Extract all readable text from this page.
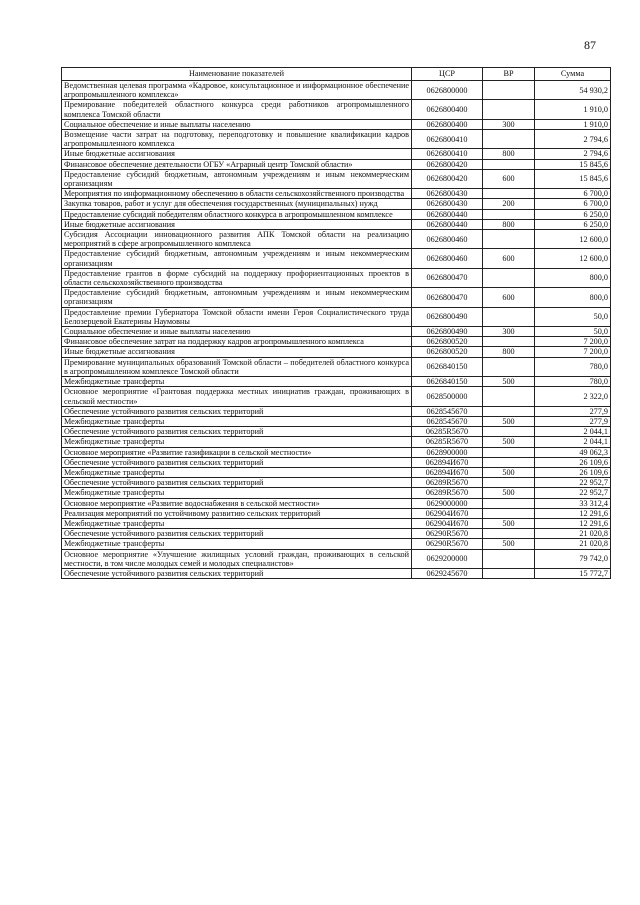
87
Наименование показателей	ЦСР	ВР	Сумма
Ведомственная целевая программа «Кадровое, консультационное и информационное обеспечение агропромышленного комплекса»	0626800000		54 930,2
Премирование победителей областного конкурса среди работников агропромышленного комплекса Томской области	0626800400		1 910,0
Социальное обеспечение и иные выплаты населению	0626800400	300	1 910,0
Возмещение части затрат на подготовку, переподготовку и повышение квалификации кадров агропромышленного комплекса	0626800410		2 794,6
Иные бюджетные ассигнования	0626800410	800	2 794,6
Финансовое обеспечение деятельности ОГБУ «Аграрный центр Томской области»	0626800420		15 845,6
Предоставление субсидий бюджетным, автономным учреждениям и иным некоммерческим организациям	0626800420	600	15 845,6
Мероприятия по информационному обеспечению в области сельскохозяйственного производства	0626800430		6 700,0
Закупка товаров, работ и услуг для обеспечения государственных (муниципальных) нужд	0626800430	200	6 700,0
Предоставление субсидий победителям областного конкурса в агропромышленном комплексе	0626800440		6 250,0
Иные бюджетные ассигнования	0626800440	800	6 250,0
Субсидия Ассоциации инновационного развития АПК Томской области на реализацию мероприятий в сфере агропромышленного комплекса	0626800460		12 600,0
Предоставление субсидий бюджетным, автономным учреждениям и иным некоммерческим организациям	0626800460	600	12 600,0
Предоставление грантов в форме субсидий на поддержку профориентационных проектов в области сельскохозяйственного производства	0626800470		800,0
Предоставление субсидий бюджетным, автономным учреждениям и иным некоммерческим организациям	0626800470	600	800,0
Предоставление премии Губернатора Томской области имени Героя Социалистического труда Белозерцевой Екатерины Наумовны	0626800490		50,0
Социальное обеспечение и иные выплаты населению	0626800490	300	50,0
Финансовое обеспечение затрат на поддержку кадров агропромышленного комплекса	0626800520		7 200,0
Иные бюджетные ассигнования	0626800520	800	7 200,0
Премирование муниципальных образований Томской области – победителей областного конкурса в агропромышленном комплексе Томской области	0626840150		780,0
Межбюджетные трансферты	0626840150	500	780,0
Основное мероприятие «Грантовая поддержка местных инициатив граждан, проживающих в сельской местности»	0628500000		2 322,0
Обеспечение устойчивого развития сельских территорий	0628545670		277,9
Межбюджетные трансферты	0628545670	500	277,9
Обеспечение устойчивого развития сельских территорий	06285R5670		2 044,1
Межбюджетные трансферты	06285R5670	500	2 044,1
Основное мероприятие «Развитие газификации в сельской местности»	0628900000		49 062,3
Обеспечение устойчивого развития сельских территорий	062894И670		26 109,6
Межбюджетные трансферты	062894И670	500	26 109,6
Обеспечение устойчивого развития сельских территорий	06289R5670		22 952,7
Межбюджетные трансферты	06289R5670	500	22 952,7
Основное мероприятие «Развитие водоснабжения в сельской местности»	0629000000		33 312,4
Реализация мероприятий по устойчивому развитию сельских территорий	062904И670		12 291,6
Межбюджетные трансферты	062904И670	500	12 291,6
Обеспечение устойчивого развития сельских территорий	06290R5670		21 020,8
Межбюджетные трансферты	06290R5670	500	21 020,8
Основное мероприятие «Улучшение жилищных условий граждан, проживающих в сельской местности, в том числе молодых семей и молодых специалистов»	0629200000		79 742,0
Обеспечение устойчивого развития сельских территорий	0629245670		15 772,7
